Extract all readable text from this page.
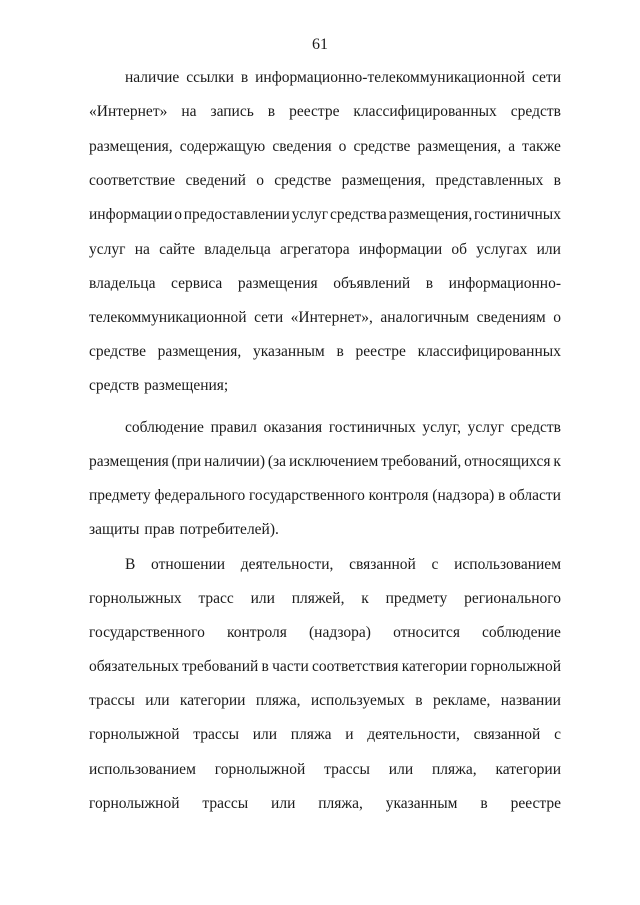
61
наличие ссылки в информационно-телекоммуникационной сети
«Интернет» на запись в реестре классифицированных средств
размещения, содержащую сведения о средстве размещения, а также
соответствие сведений о средстве размещения, представленных в
информации о предоставлении услуг средства размещения, гостиничных
услуг на сайте владельца агрегатора информации об услугах или
владельца сервиса размещения объявлений в информационно-
телекоммуникационной сети «Интернет», аналогичным сведениям о
средстве размещения, указанным в реестре классифицированных
средств размещения;
соблюдение правил оказания гостиничных услуг, услуг средств
размещения (при наличии) (за исключением требований, относящихся к
предмету федерального государственного контроля (надзора) в области
защиты прав потребителей).
В отношении деятельности, связанной с использованием
горнолыжных трасс или пляжей, к предмету регионального
государственного контроля (надзора) относится соблюдение
обязательных требований в части соответствия категории горнолыжной
трассы или категории пляжа, используемых в рекламе, названии
горнолыжной трассы или пляжа и деятельности, связанной с
использованием горнолыжной трассы или пляжа, категории
горнолыжной трассы или пляжа, указанным в реестре
